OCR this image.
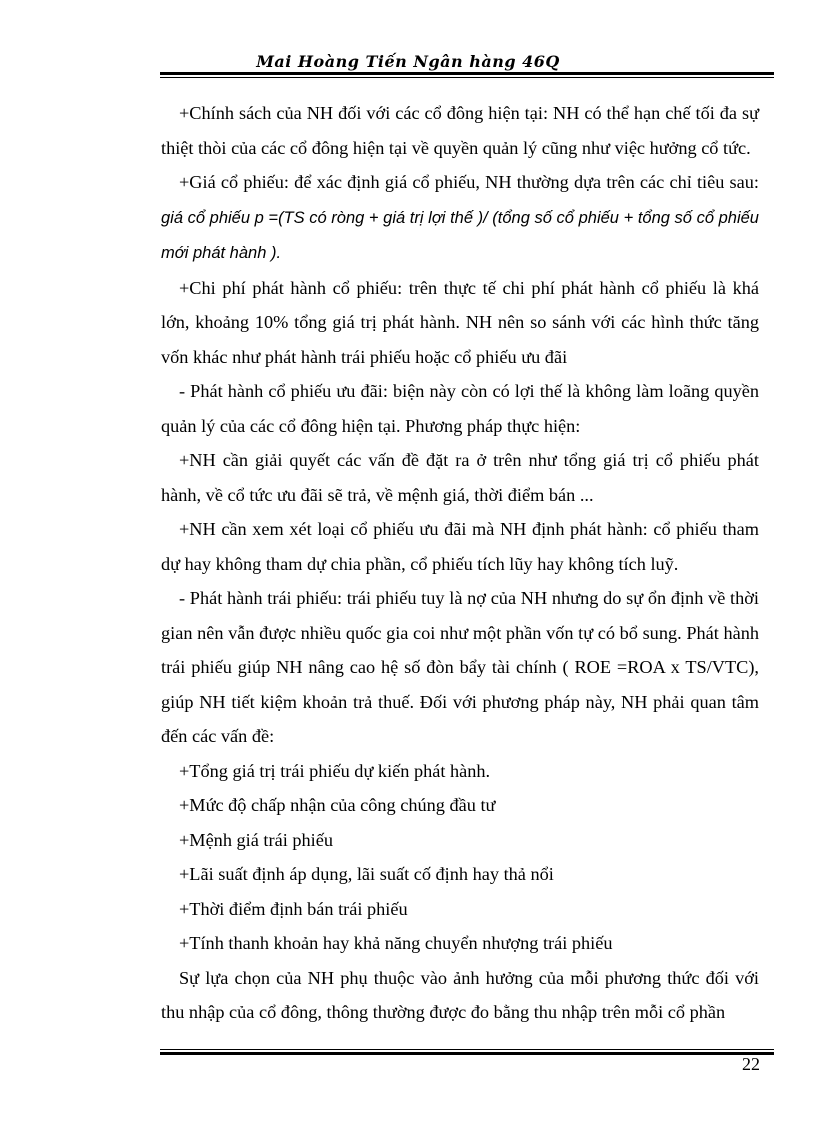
Mai Hoàng Tiến Ngân hàng 46Q

+Chính sách của NH đối với các cổ đông hiện tại: NH có thể hạn chế tối đa sự thiệt thòi của các cổ đông hiện tại về quyền quản lý cũng như việc hưởng cổ tức.

+Giá cổ phiếu: để xác định giá cổ phiếu, NH thường dựa trên các chỉ tiêu sau: giá cổ phiếu p =(TS có ròng + giá trị lợi thế )/ (tổng số cổ phiếu + tổng số cổ phiếu mới phát hành ).

+Chi phí phát hành cổ phiếu: trên thực tế chi phí phát hành cổ phiếu là khá lớn, khoảng 10% tổng giá trị phát hành. NH nên so sánh với các hình thức tăng vốn khác như phát hành trái phiếu hoặc cổ phiếu ưu đãi

- Phát hành cổ phiếu ưu đãi: biện này còn có lợi thế là không làm loãng quyền quản lý của các cổ đông hiện tại. Phương pháp thực hiện:

+NH cần giải quyết các vấn đề đặt ra ở trên như tổng giá trị cổ phiếu phát hành, về cổ tức ưu đãi sẽ trả, về mệnh giá, thời điểm bán ...

+NH cần xem xét loại cổ phiếu ưu đãi mà NH định phát hành: cổ phiếu tham dự hay không tham dự chia phần, cổ phiếu tích lũy hay không tích luỹ.

- Phát hành trái phiếu: trái phiếu tuy là nợ của NH nhưng do sự ổn định về thời gian nên vẫn được nhiều quốc gia coi như một phần vốn tự có bổ sung. Phát hành trái phiếu giúp NH nâng cao hệ số đòn bẩy tài chính ( ROE =ROA x TS/VTC), giúp NH tiết kiệm khoản trả thuế. Đối với phương pháp này, NH phải quan tâm đến các vấn đề:

+Tổng giá trị trái phiếu dự kiến phát hành.

+Mức độ chấp nhận của công chúng đầu tư

+Mệnh giá trái phiếu

+Lãi suất định áp dụng, lãi suất cố định hay thả nổi

+Thời điểm định bán trái phiếu

+Tính thanh khoản hay khả năng chuyển nhượng trái phiếu

Sự lựa chọn của NH phụ thuộc vào ảnh hưởng của mỗi phương thức đối với thu nhập của cổ đông, thông thường được đo bằng thu nhập trên mỗi cổ phần

22
